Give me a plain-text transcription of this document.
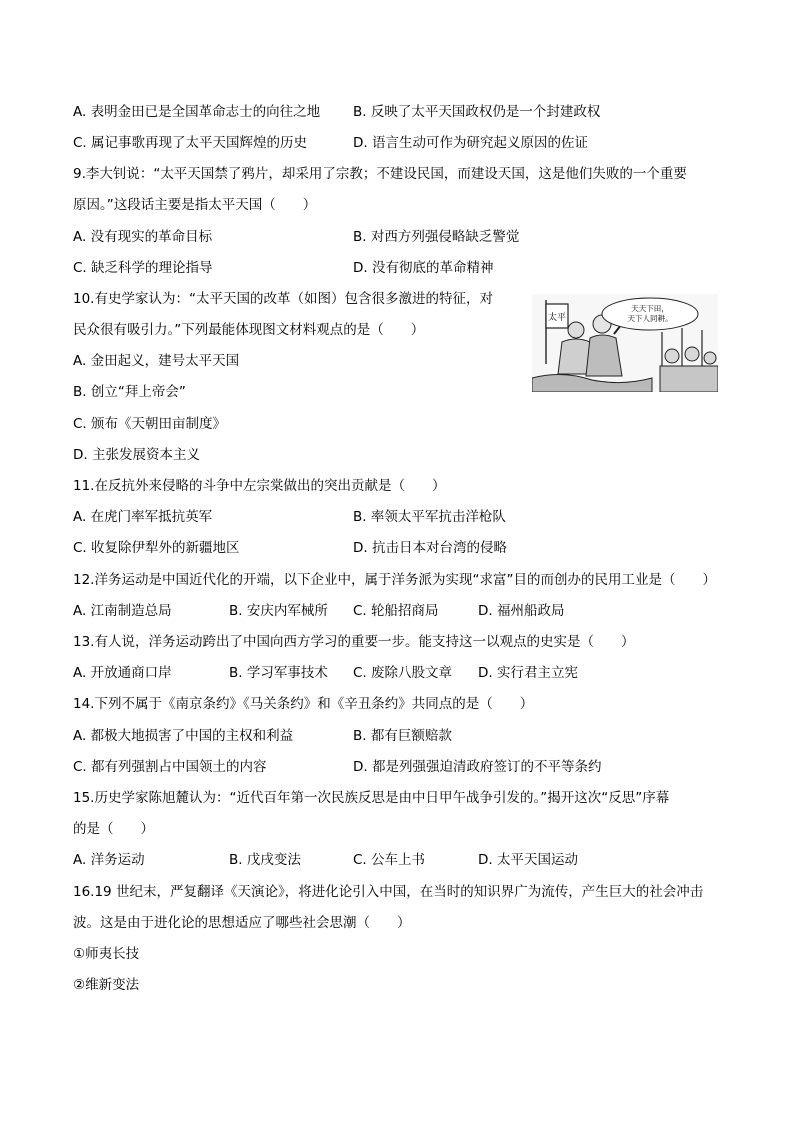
A. 表明金田已是全国革命志士的向往之地 B. 反映了太平天国政权仍是一个封建政权
C. 属记事歌再现了太平天国辉煌的历史	D. 语言生动可作为研究起义原因的佐证
9.李大钊说：“太平天国禁了鸦片，却采用了宗教；不建设民国，而建设天国，这是他们失败的一个重要
原因。”这段话主要是指太平天国（　　）
A. 没有现实的革命目标	B. 对西方列强侵略缺乏警觉
C. 缺乏科学的理论指导	D. 没有彻底的革命精神
10.有史学家认为：“太平天国的改革（如图）包含很多激进的特征，对
民众很有吸引力。”下列最能体现图文材料观点的是（　　）
A. 金田起义，建号太平天国
B. 创立“拜上帝会”
C. 颁布《天朝田亩制度》
D. 主张发展资本主义
太平
天天下田，
天下人同耕。
11.在反抗外来侵略的斗争中左宗棠做出的突出贡献是（　　）
A. 在虎门率军抵抗英军	B. 率领太平军抗击洋枪队
C. 收复除伊犁外的新疆地区	D. 抗击日本对台湾的侵略
12.洋务运动是中国近代化的开端，以下企业中，属于洋务派为实现“求富”目的而创办的民用工业是（　　）
A. 江南制造总局	B. 安庆内军械所 C. 轮船招商局	D. 福州船政局
13.有人说，洋务运动跨出了中国向西方学习的重要一步。能支持这一以观点的史实是（　　）
A. 开放通商口岸	B. 学习军事技术 C. 废除八股文章 D. 实行君主立宪
14.下列不属于《南京条约》《马关条约》和《辛丑条约》共同点的是（　　）
A. 都极大地损害了中国的主权和利益	B. 都有巨额赔款
C. 都有列强割占中国领土的内容	D. 都是列强强迫清政府签订的不平等条约
15.历史学家陈旭麓认为：“近代百年第一次民族反思是由中日甲午战争引发的。”揭开这次“反思”序幕
的是（　　）
A. 洋务运动	B. 戊戌变法	C. 公车上书	D. 太平天国运动
16.19 世纪末，严复翻译《天演论》，将进化论引入中国，在当时的知识界广为流传，产生巨大的社会冲击
波。这是由于进化论的思想适应了哪些社会思潮（　　）
①师夷长技
②维新变法
